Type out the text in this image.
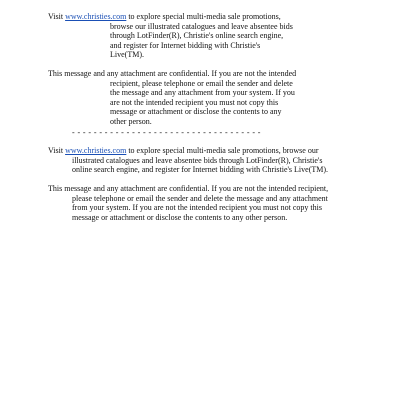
Visit www.christies.com to explore special multi-media sale promotions,
browse our illustrated catalogues and leave absentee bids
through LotFinder(R), Christie's online search engine,
and register for Internet bidding with Christie's
Live(TM).

This message and any attachment are confidential. If you are not the intended
recipient, please telephone or email the sender and delete
the message and any attachment from your system. If you
are not the intended recipient you must not copy this
message or attachment or disclose the contents to any
other person.

- - - - - - - - - - - - - - - - - - - - - - - - - - - - - - - - - - -

Visit www.christies.com to explore special multi-media sale promotions, browse our
illustrated catalogues and leave absentee bids through LotFinder(R), Christie's
online search engine, and register for Internet bidding with Christie's Live(TM).

This message and any attachment are confidential. If you are not the intended recipient,
please telephone or email the sender and delete the message and any attachment
from your system. If you are not the intended recipient you must not copy this
message or attachment or disclose the contents to any other person.
